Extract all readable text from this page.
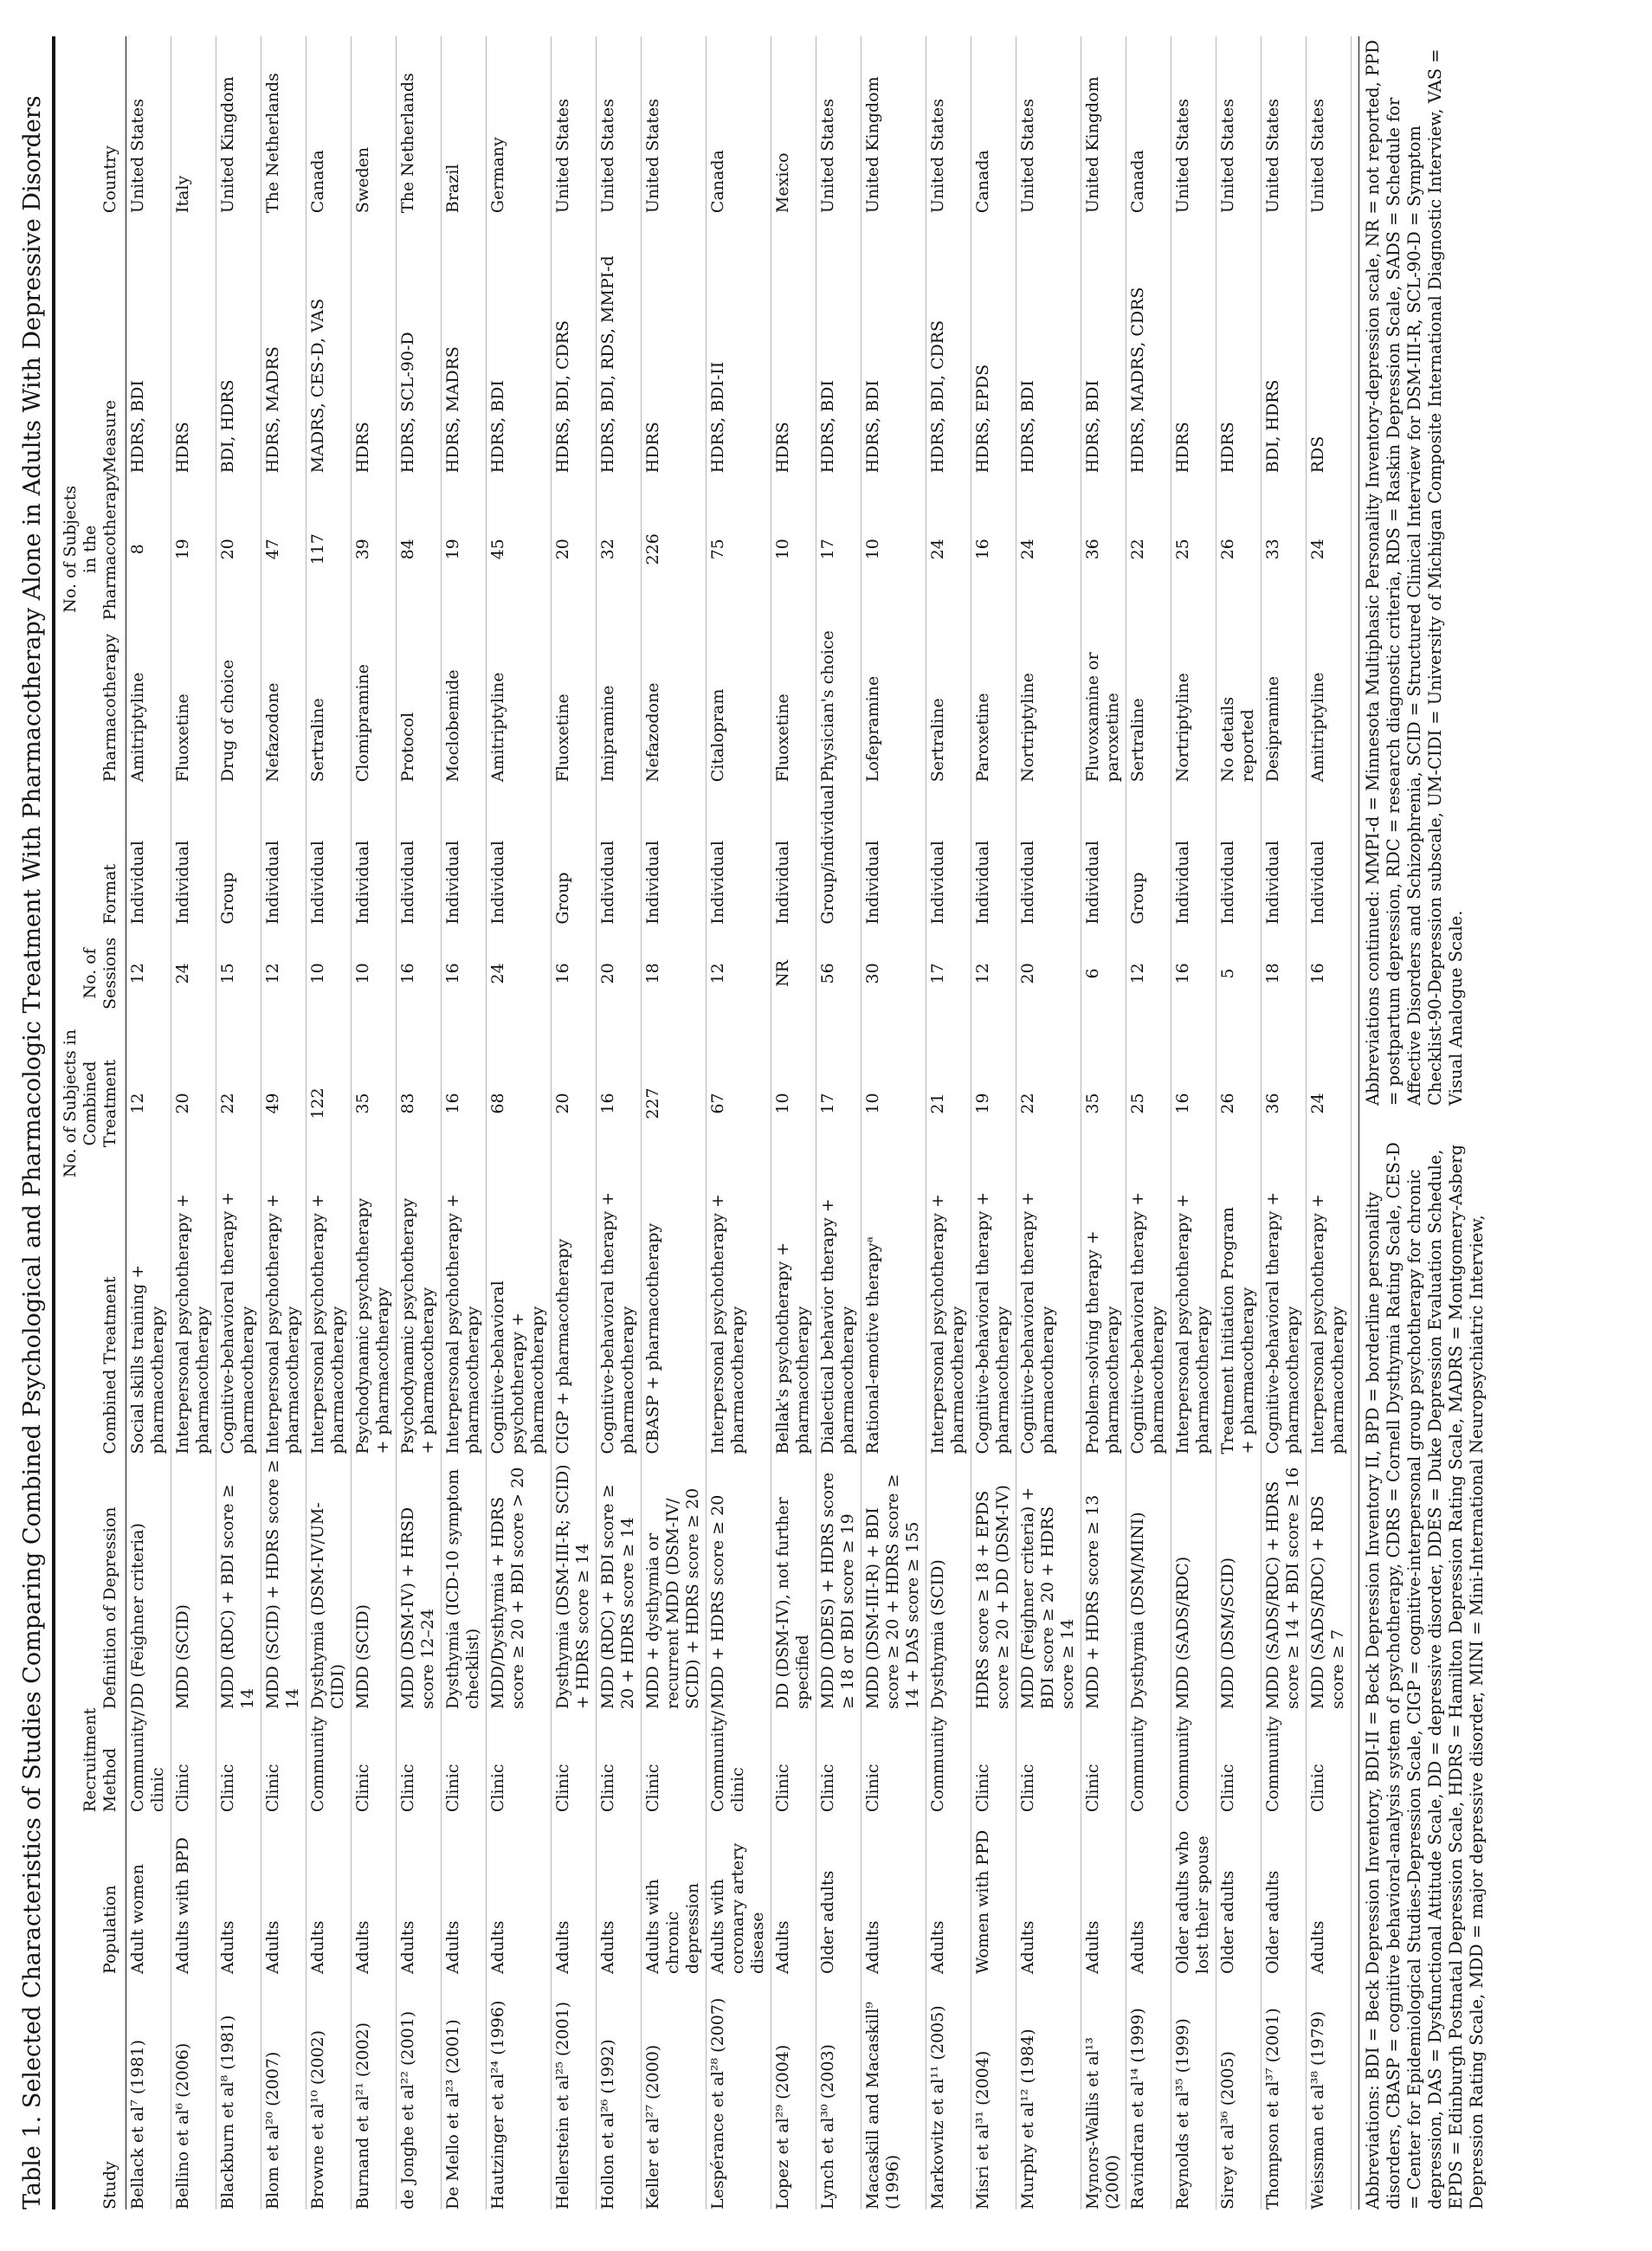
Table 1. Selected Characteristics of Studies Comparing Combined Psychological and Pharmacologic Treatment With Pharmacotherapy Alone in Adults With Depressive Disorders	Study	Population	Recruitment Method	Definition of Depression	Combined Treatment	No. of Subjects in Combined Treatment	No. of Sessions	Format	Pharmacotherapy	No. of Subjects in the Pharmacotherapy	Measure	Country
Bellack et al⁷ (1981)	Adult women	Community/ clinic	DD (Feighner criteria)	Social skills training + pharmacotherapy	12	12	Individual	Amitriptyline	8	HDRS, BDI	United States
Bellino et al⁶ (2006)	Adults with BPD	Clinic	MDD (SCID)	Interpersonal psychotherapy + pharmacotherapy	20	24	Individual	Fluoxetine	19	HDRS	Italy
Blackburn et al⁸ (1981)	Adults	Clinic	MDD (RDC) + BDI score ≥ 14	Cognitive-behavioral therapy + pharmacotherapy	22	15	Group	Drug of choice	20	BDI, HDRS	United Kingdom
Blom et al²⁰ (2007)	Adults	Clinic	MDD (SCID) + HDRS score ≥ 14	Interpersonal psychotherapy + pharmacotherapy	49	12	Individual	Nefazodone	47	HDRS, MADRS	The Netherlands
Browne et al¹⁰ (2002)	Adults	Community	Dysthymia (DSM-IV/UM-CIDI)	Interpersonal psychotherapy + pharmacotherapy	122	10	Individual	Sertraline	117	MADRS, CES-D, VAS	Canada
Burnand et al²¹ (2002)	Adults	Clinic	MDD (SCID)	Psychodynamic psychotherapy + pharmacotherapy	35	10	Individual	Clomipramine	39	HDRS	Sweden
de Jonghe et al²² (2001)	Adults	Clinic	MDD (DSM-IV) + HRSD score 12–24	Psychodynamic psychotherapy + pharmacotherapy	83	16	Individual	Protocol	84	HDRS, SCL-90-D	The Netherlands
De Mello et al²³ (2001)	Adults	Clinic	Dysthymia (ICD-10 symptom checklist)	Interpersonal psychotherapy + pharmacotherapy	16	16	Individual	Moclobemide	19	HDRS, MADRS	Brazil
Hautzinger et al²⁴ (1996)	Adults	Clinic	MDD/Dysthymia + HDRS score ≥ 20 + BDI score > 20	Cognitive-behavioral psychotherapy + pharmacotherapy	68	24	Individual	Amitriptyline	45	HDRS, BDI	Germany
Hellerstein et al²⁵ (2001)	Adults	Clinic	Dysthymia (DSM-III-R; SCID) + HDRS score ≥ 14	CIGP + pharmacotherapy	20	16	Group	Fluoxetine	20	HDRS, BDI, CDRS	United States
Hollon et al²⁶ (1992)	Adults	Clinic	MDD (RDC) + BDI score ≥ 20 + HDRS score ≥ 14	Cognitive-behavioral therapy + pharmacotherapy	16	20	Individual	Imipramine	32	HDRS, BDI, RDS, MMPI-d	United States
Keller et al²⁷ (2000)	Adults with chronic depression	Clinic	MDD + dysthymia or recurrent MDD (DSM-IV/ SCID) + HDRS score ≥ 20	CBASP + pharmacotherapy	227	18	Individual	Nefazodone	226	HDRS	United States
Lespérance et al²⁸ (2007)	Adults with coronary artery disease	Community/ clinic	MDD + HDRS score ≥ 20	Interpersonal psychotherapy + pharmacotherapy	67	12	Individual	Citalopram	75	HDRS, BDI-II	Canada
Lopez et al²⁹ (2004)	Adults	Clinic	DD (DSM-IV), not further specified	Bellak's psychotherapy + pharmacotherapy	10	NR	Individual	Fluoxetine	10	HDRS	Mexico
Lynch et al³⁰ (2003)	Older adults	Clinic	MDD (DDES) + HDRS score ≥ 18 or BDI score ≥ 19	Dialectical behavior therapy + pharmacotherapy	17	56	Group/individual	Physician's choice	17	HDRS, BDI	United States
Macaskill and Macaskill⁹ (1996)	Adults	Clinic	MDD (DSM-III-R) + BDI score ≥ 20 + HDRS score ≥ 14 + DAS score ≥ 155	Rational-emotive therapyᵃ	10	30	Individual	Lofepramine	10	HDRS, BDI	United Kingdom
Markowitz et al¹¹ (2005)	Adults	Community	Dysthymia (SCID)	Interpersonal psychotherapy + pharmacotherapy	21	17	Individual	Sertraline	24	HDRS, BDI, CDRS	United States
Misri et al³¹ (2004)	Women with PPD	Clinic	HDRS score ≥ 18 + EPDS score ≥ 20 + DD (DSM-IV)	Cognitive-behavioral therapy + pharmacotherapy	19	12	Individual	Paroxetine	16	HDRS, EPDS	Canada
Murphy et al¹² (1984)	Adults	Clinic	MDD (Feighner criteria) + BDI score ≥ 20 + HDRS score ≥ 14	Cognitive-behavioral therapy + pharmacotherapy	22	20	Individual	Nortriptyline	24	HDRS, BDI	United States
Mynors-Wallis et al¹³ (2000)	Adults	Clinic	MDD + HDRS score ≥ 13	Problem-solving therapy + pharmacotherapy	35	6	Individual	Fluvoxamine or paroxetine	36	HDRS, BDI	United Kingdom
Ravindran et al¹⁴ (1999)	Adults	Community	Dysthymia (DSM/MINI)	Cognitive-behavioral therapy + pharmacotherapy	25	12	Group	Sertraline	22	HDRS, MADRS, CDRS	Canada
Reynolds et al³⁵ (1999)	Older adults who lost their spouse	Community	MDD (SADS/RDC)	Interpersonal psychotherapy + pharmacotherapy	16	16	Individual	Nortriptyline	25	HDRS	United States
Sirey et al³⁶ (2005)	Older adults	Clinic	MDD (DSM/SCID)	Treatment Initiation Program + pharmacotherapy	26	5	Individual	No details reported	26	HDRS	United States
Thompson et al³⁷ (2001)	Older adults	Community	MDD (SADS/RDC) + HDRS score ≥ 14 + BDI score ≥ 16	Cognitive-behavioral therapy + pharmacotherapy	36	18	Individual	Desipramine	33	BDI, HDRS	United States
Weissman et al³⁸ (1979)	Adults	Clinic	MDD (SADS/RDC) + RDS score ≥ 7	Interpersonal psychotherapy + pharmacotherapy	24	16	Individual	Amitriptyline	24	RDS	United States
Abbreviations: BDI = Beck Depression Inventory, BDI-II = Beck Depression Inventory II, BPD = borderline personality disorders, CBASP = cognitive behavioral-analysis system of psychotherapy, CDRS = Cornell Dysthymia Rating Scale, CES-D = Center for Epidemiological Studies-Depression Scale, CIGP = cognitive-interpersonal group psychotherapy for chronic depression, DAS = Dysfunctional Attitude Scale, DD = depressive disorder, DDES = Duke Depression Evaluation Schedule, EPDS = Edinburgh Postnatal Depression Scale, HDRS = Hamilton Depression Rating Scale, MADRS = Montgomery-Asberg Depression Rating Scale, MDD = major depressive disorder, MINI = Mini-International Neuropsychiatric Interview, Abbreviations continued: MMPI-d = Minnesota Multiphasic Personality Inventory-depression scale, NR = not reported, PPD = postpartum depression, RDC = research diagnostic criteria, RDS = Raskin Depression Scale, SADS = Schedule for Affective Disorders and Schizophrenia, SCID = Structured Clinical Interview for DSM-III-R, SCL-90-D = Symptom Checklist-90-Depression subscale, UM-CIDI = University of Michigan Composite International Diagnostic Interview, VAS = Visual Analogue Scale.
